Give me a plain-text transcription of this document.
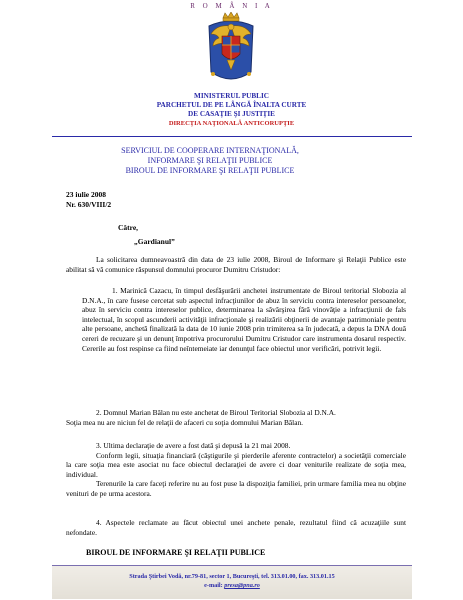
R O M Â N I A
MINISTERUL PUBLIC
PARCHETUL DE PE LÂNGĂ ÎNALTA CURTE
DE CASAŢIE ŞI JUSTIŢIE
DIRECŢIA NAŢIONALĂ ANTICORUPŢIE
SERVICIUL DE COOPERARE INTERNAŢIONALĂ,
INFORMARE ŞI RELAŢII PUBLICE
BIROUL DE INFORMARE ŞI RELAŢII PUBLICE
23 iulie 2008
Nr. 630/VIII/2
Către,
„Gardianul”
La solicitarea dumneavoastră din data de 23 iulie 2008, Biroul de Informare şi Relaţii Publice este abilitat să vă comunice răspunsul domnului procuror Dumitru Cristudor:
1. Marinică Cazacu, în timpul desfăşurării anchetei instrumentate de Biroul teritorial Slobozia al D.N.A., în care fusese cercetat sub aspectul infracţiunilor de abuz în serviciu contra intereselor persoanelor, abuz în serviciu contra intereselor publice, determinarea la săvârşirea fără vinovăţie a infracţiunii de fals intelectual, în scopul ascunderii activităţii infracţionale şi realizării obţinerii de avantaje patrimoniale pentru alte persoane, anchetă finalizată la data de 10 iunie 2008 prin trimiterea sa în judecată, a depus la DNA două cereri de recuzare şi un denunţ împotriva procurorului Dumitru Cristudor care instrumenta dosarul respectiv. Cererile au fost respinse ca fiind neîntemeiate iar denunţul face obiectul unor verificări, potrivit legii.
2. Domnul Marian Bălan nu este anchetat de Biroul Teritorial Slobozia al D.N.A.
Soţia mea nu are niciun fel de relaţii de afaceri cu soţia domnului Marian Bălan.
3. Ultima declaraţie de avere a fost dată şi depusă la 21 mai 2008.
Conform legii, situaţia financiară (câştigurile şi pierderile aferente contractelor) a societăţii comerciale la care soţia mea este asociat nu face obiectul declaraţiei de avere ci doar veniturile realizate de soţia mea, individual.
Terenurile la care faceţi referire nu au fost puse la dispoziţia familiei, prin urmare familia mea nu obţine venituri de pe urma acestora.
4. Aspectele reclamate au făcut obiectul unei anchete penale, rezultatul fiind că acuzaţiile sunt nefondate.
BIROUL DE INFORMARE ŞI RELAŢII PUBLICE
Strada Ştirbei Vodă, nr.79-81, sector 1, Bucureşti, tel. 313.01.00, fax. 313.01.15
e-mail: presa@pna.ro
